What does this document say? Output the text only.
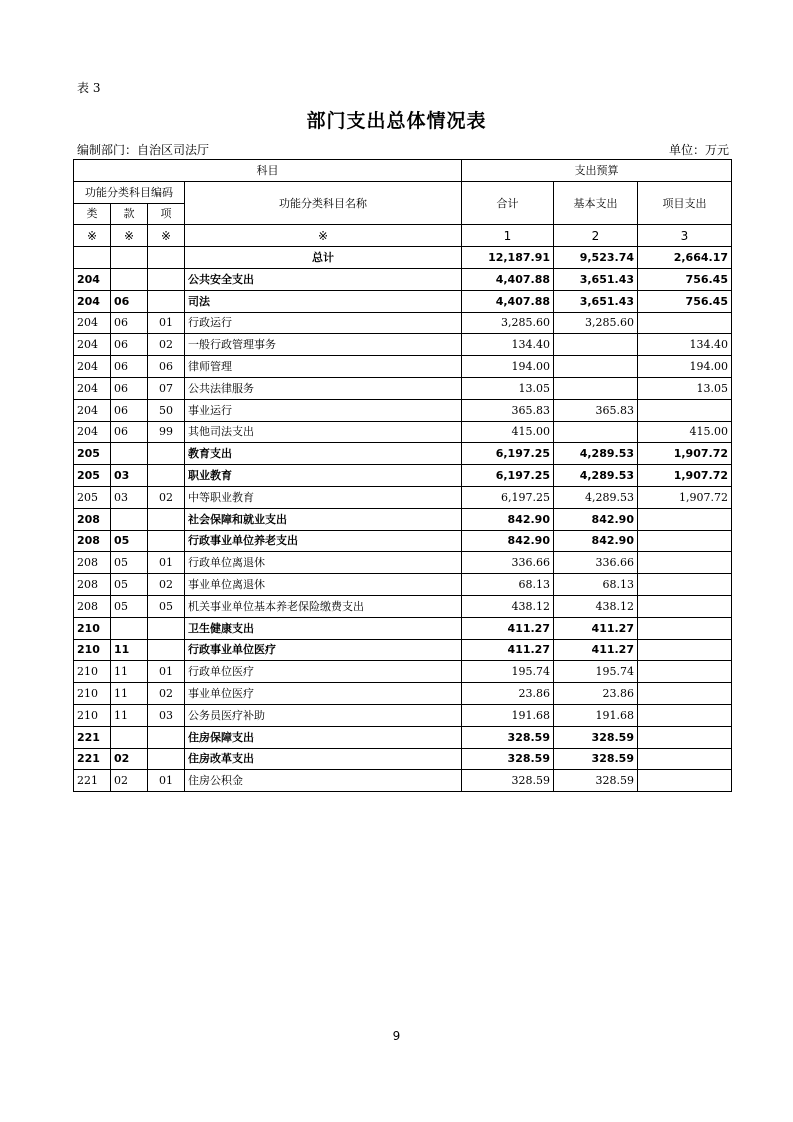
表 3
部门支出总体情况表
编制部门：自治区司法厅	单位：万元
科目				支出预算		
功能分类科目编码			功能分类科目名称	合计	基本支出	项目支出
类	款	项				
※	※	※	※	1	2	3
			总计	12,187.91	9,523.74	2,664.17
204			公共安全支出	4,407.88	3,651.43	756.45
204	06		司法	4,407.88	3,651.43	756.45
204	06	01	行政运行	3,285.60	3,285.60	
204	06	02	一般行政管理事务	134.40		134.40
204	06	06	律师管理	194.00		194.00
204	06	07	公共法律服务	13.05		13.05
204	06	50	事业运行	365.83	365.83	
204	06	99	其他司法支出	415.00		415.00
205			教育支出	6,197.25	4,289.53	1,907.72
205	03		职业教育	6,197.25	4,289.53	1,907.72
205	03	02	中等职业教育	6,197.25	4,289.53	1,907.72
208			社会保障和就业支出	842.90	842.90	
208	05		行政事业单位养老支出	842.90	842.90	
208	05	01	行政单位离退休	336.66	336.66	
208	05	02	事业单位离退休	68.13	68.13	
208	05	05	机关事业单位基本养老保险缴费支出	438.12	438.12	
210			卫生健康支出	411.27	411.27	
210	11		行政事业单位医疗	411.27	411.27	
210	11	01	行政单位医疗	195.74	195.74	
210	11	02	事业单位医疗	23.86	23.86	
210	11	03	公务员医疗补助	191.68	191.68	
221			住房保障支出	328.59	328.59	
221	02		住房改革支出	328.59	328.59	
221	02	01	住房公积金	328.59	328.59	
9
